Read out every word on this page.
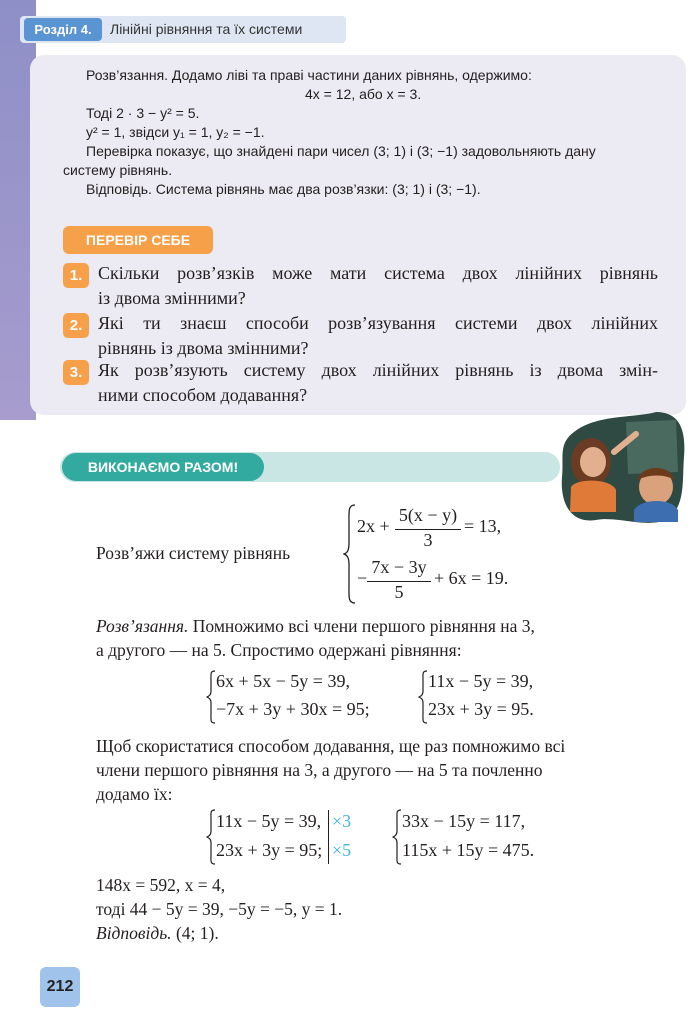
Розділ 4.	Лінійні рівняння та їх системи
Розв’язання. Додамо ліві та праві частини даних рівнянь, одержимо:
4x = 12, або x = 3.
Тоді 2 · 3 − y² = 5.
y² = 1, звідси y₁ = 1, y₂ = −1.
Перевірка показує, що знайдені пари чисел (3; 1) і (3; −1) задовольняють дану
систему рівнянь.
Відповідь. Система рівнянь має два розв’язки: (3; 1) і (3; −1).
ПЕРЕВІР СЕБЕ
1. Скільки розв’язків може мати система двох лінійних рівнянь
із двома змінними?
2. Які ти знаєш способи розв’язування системи двох лінійних
рівнянь із двома змінними?
3. Як розв’язують систему двох лінійних рівнянь із двома змін-
ними способом додавання?
ВИКОНАЄМО РАЗОМ!
Розв’яжи систему рівнянь
2x +
5(x − y)
3
= 13,
−
7x − 3y
5
+ 6x = 19.
Розв’язання. Помножимо всі члени першого рівняння на 3,
а другого — на 5. Спростимо одержані рівняння:
6x + 5x − 5y = 39,
−7x + 3y + 30x = 95;
11x − 5y = 39,
23x + 3y = 95.
Щоб скористатися способом додавання, ще раз помножимо всі
члени першого рівняння на 3, а другого — на 5 та почленно
додамо їх:
11x − 5y = 39,
23x + 3y = 95;
×3
×5
33x − 15y = 117,
115x + 15y = 475.
148x = 592, x = 4,
тоді 44 − 5y = 39, −5y = −5, y = 1.
Відповідь. (4; 1).
212
